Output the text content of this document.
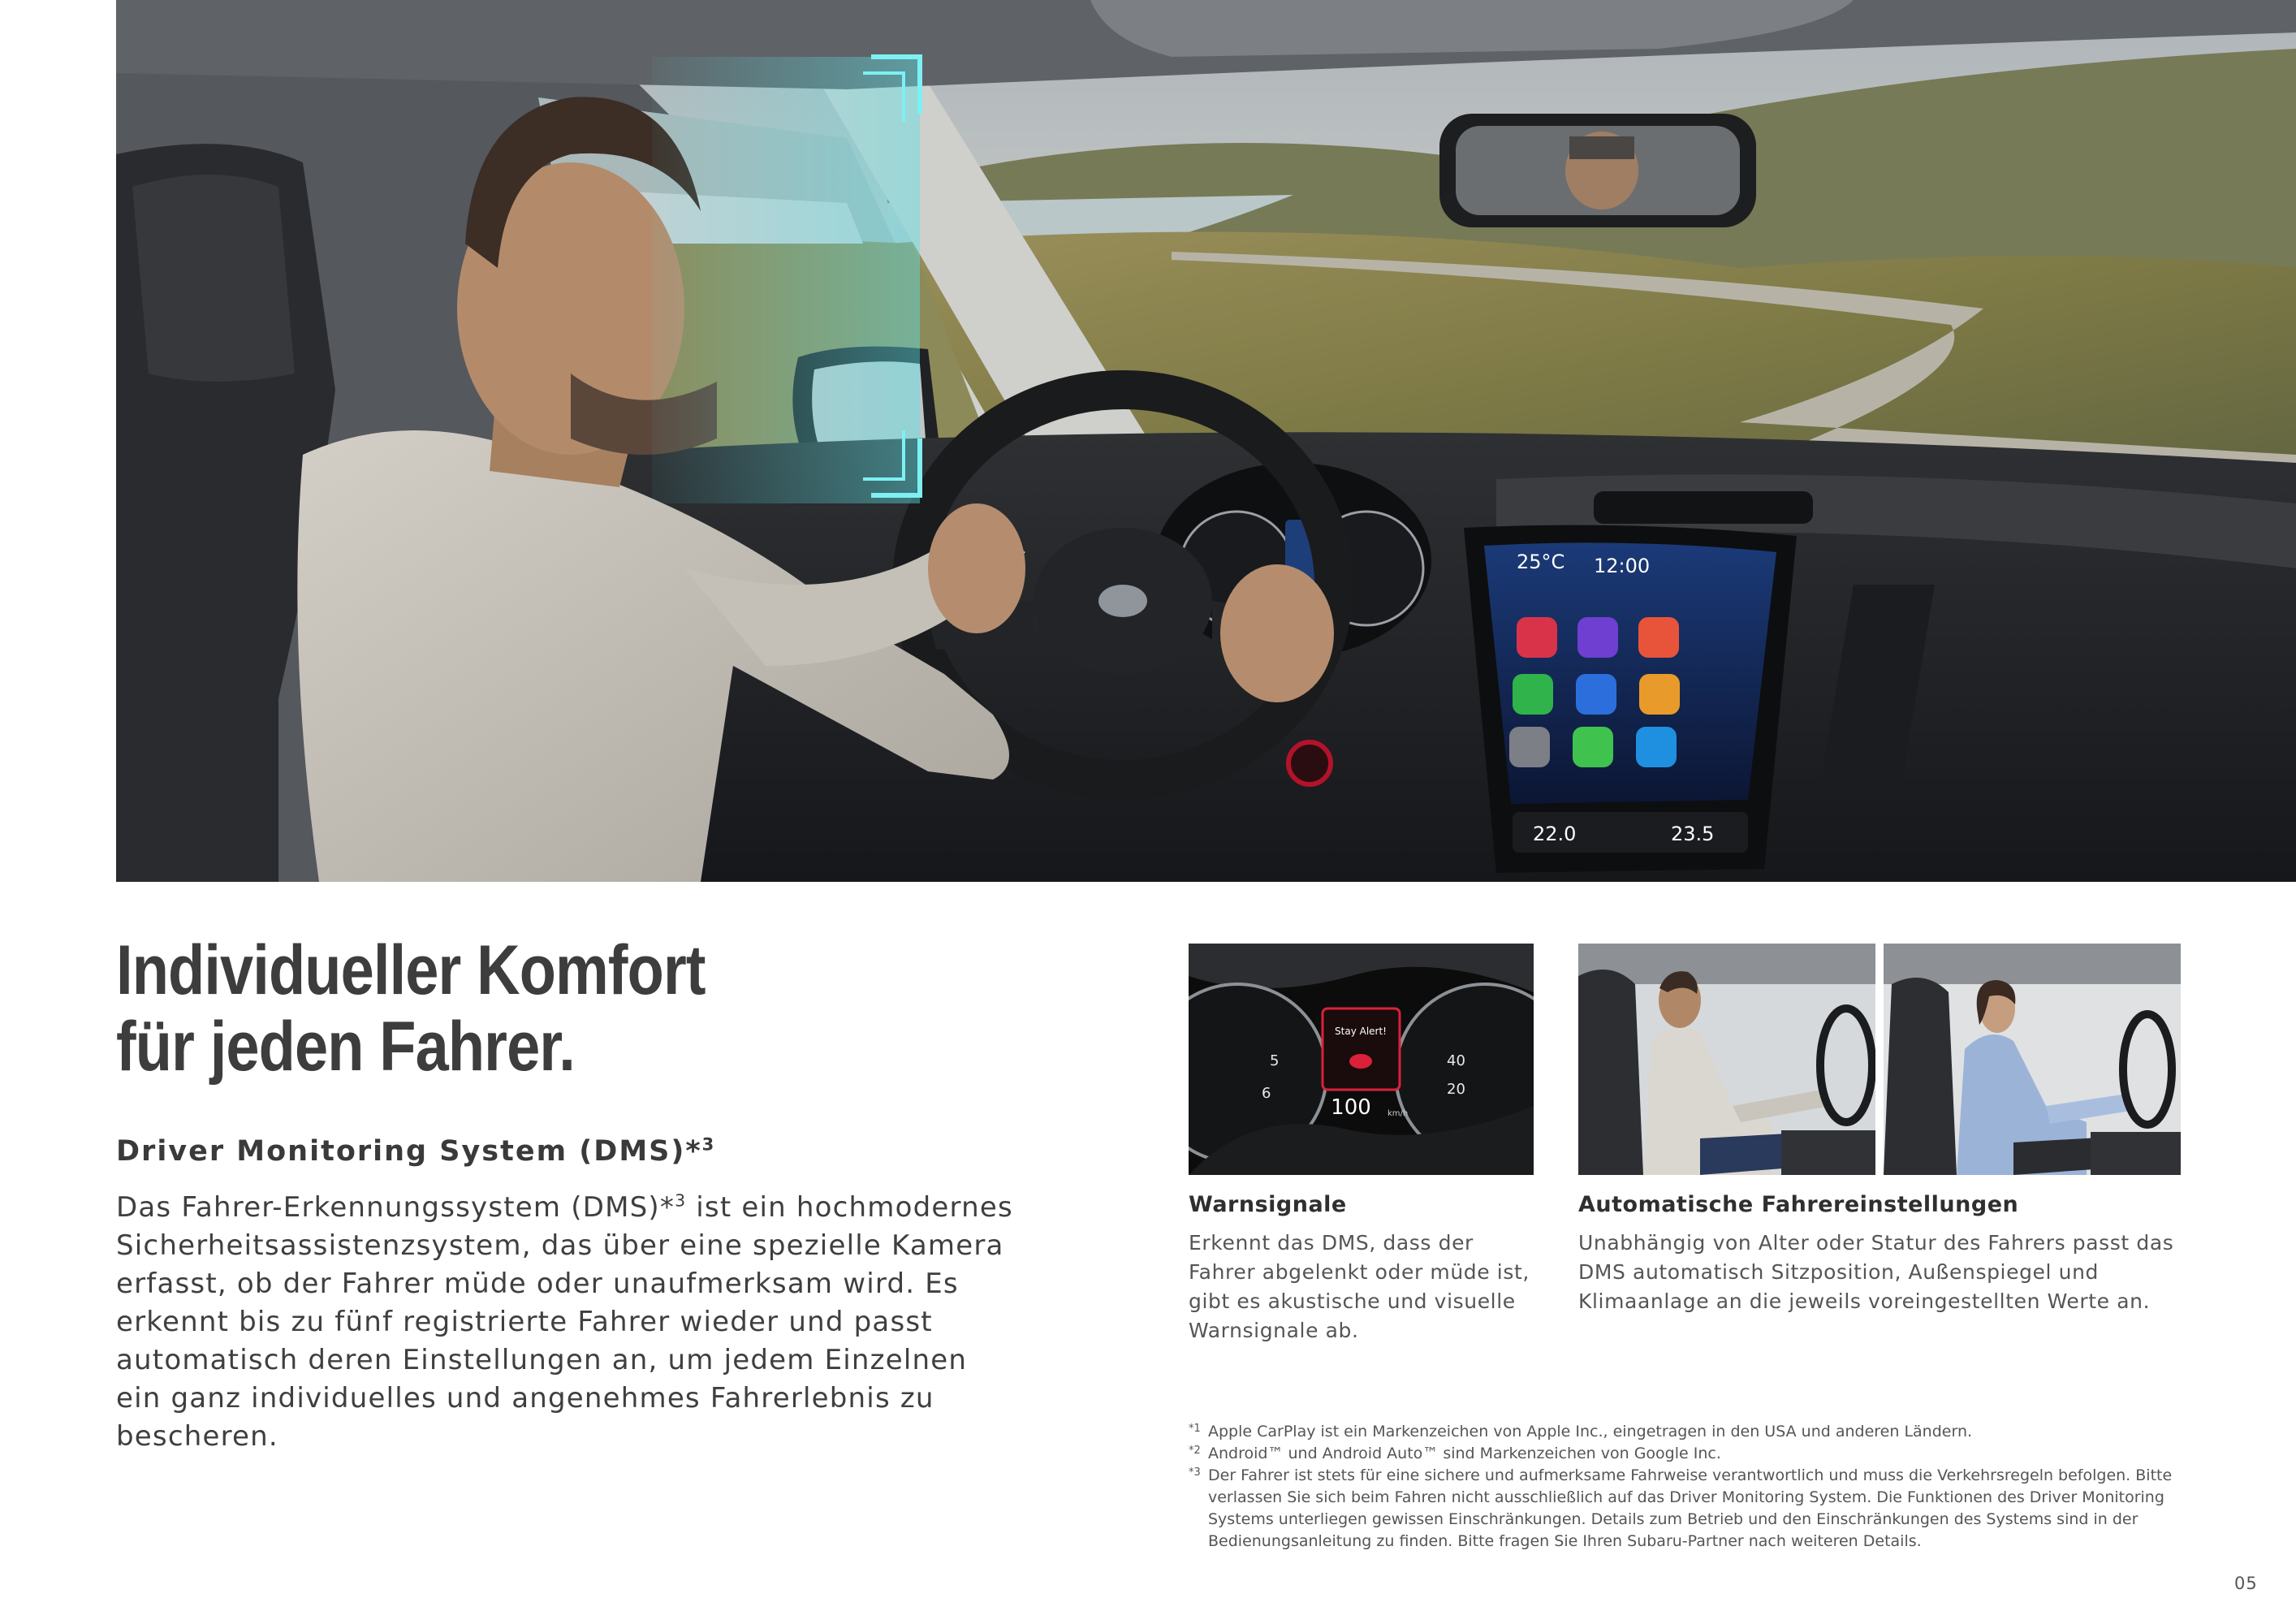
25°C 12:00
22.0	23.5
Individueller Komfort
für jeden Fahrer.
Driver Monitoring System (DMS)*$^3$

Das Fahrer-Erkennungssystem (DMS)*$^3$ ist ein hochmodernes Sicherheitsassistenzsystem, das über eine spezielle Kamera erfasst, ob der Fahrer müde oder unaufmerksam wird. Es erkennt bis zu fünf registrierte Fahrer wieder und passt automatisch deren Einstellungen an, um jedem Einzelnen ein ganz individuelles und angenehmes Fahrerlebnis zu bescheren.

5
6
40
20
Stay Alert!
100 km/h
Warnsignale

Erkennt das DMS, dass der Fahrer abgelenkt oder müde ist, gibt es akustische und visuelle Warnsignale ab.

Automatische Fahrereinstellungen

Unabhängig von Alter oder Statur des Fahrers passt das DMS automatisch Sitzposition, Außenspiegel und Klimaanlage an die jeweils voreingestellten Werte an.

*1 Apple CarPlay ist ein Markenzeichen von Apple Inc., eingetragen in den USA und anderen Ländern.
*2 Android™ und Android Auto™ sind Markenzeichen von Google Inc.
*3 Der Fahrer ist stets für eine sichere und aufmerksame Fahrweise verantwortlich und muss die Verkehrsregeln befolgen. Bitte verlassen Sie sich beim Fahren nicht ausschließlich auf das Driver Monitoring System. Die Funktionen des Driver Monitoring Systems unterliegen gewissen Einschränkungen. Details zum Betrieb und den Einschränkungen des Systems sind in der Bedienungsanleitung zu finden. Bitte fragen Sie Ihren Subaru-Partner nach weiteren Details.
05
